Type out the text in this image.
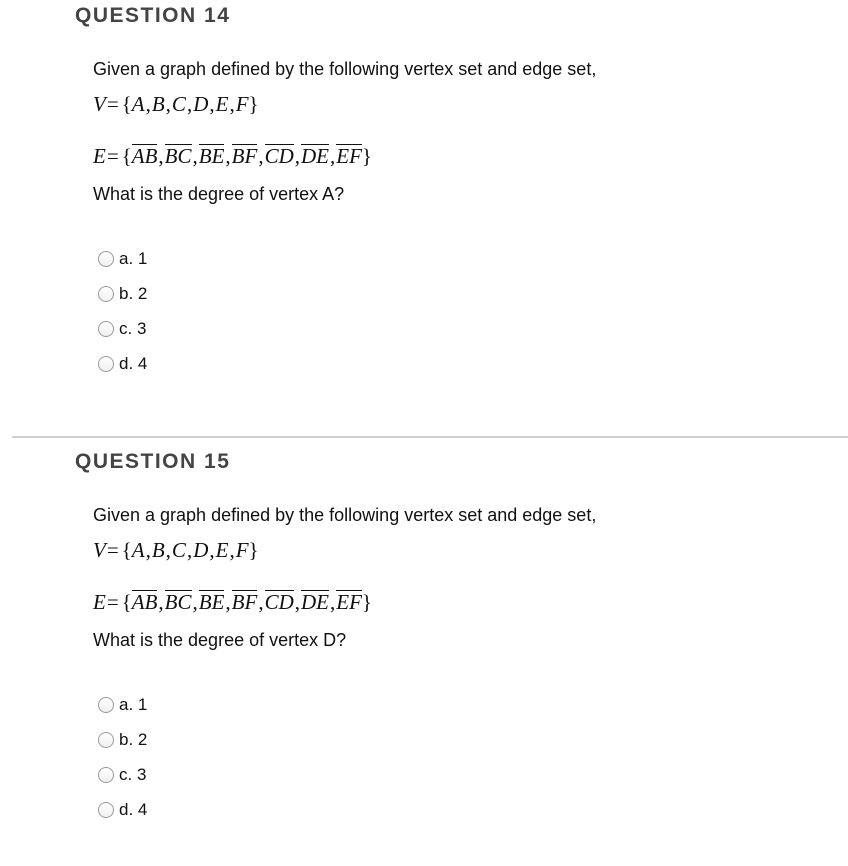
QUESTION 14
Given a graph defined by the following vertex set and edge set,
V= {A,B,C,D,E,F}
E= {AB,BC,BE,BF,CD,DE,EF}
What is the degree of vertex A?
a. 1
b. 2
c. 3
d. 4
QUESTION 15
Given a graph defined by the following vertex set and edge set,
V= {A,B,C,D,E,F}
E= {AB,BC,BE,BF,CD,DE,EF}
What is the degree of vertex D?
a. 1
b. 2
c. 3
d. 4
